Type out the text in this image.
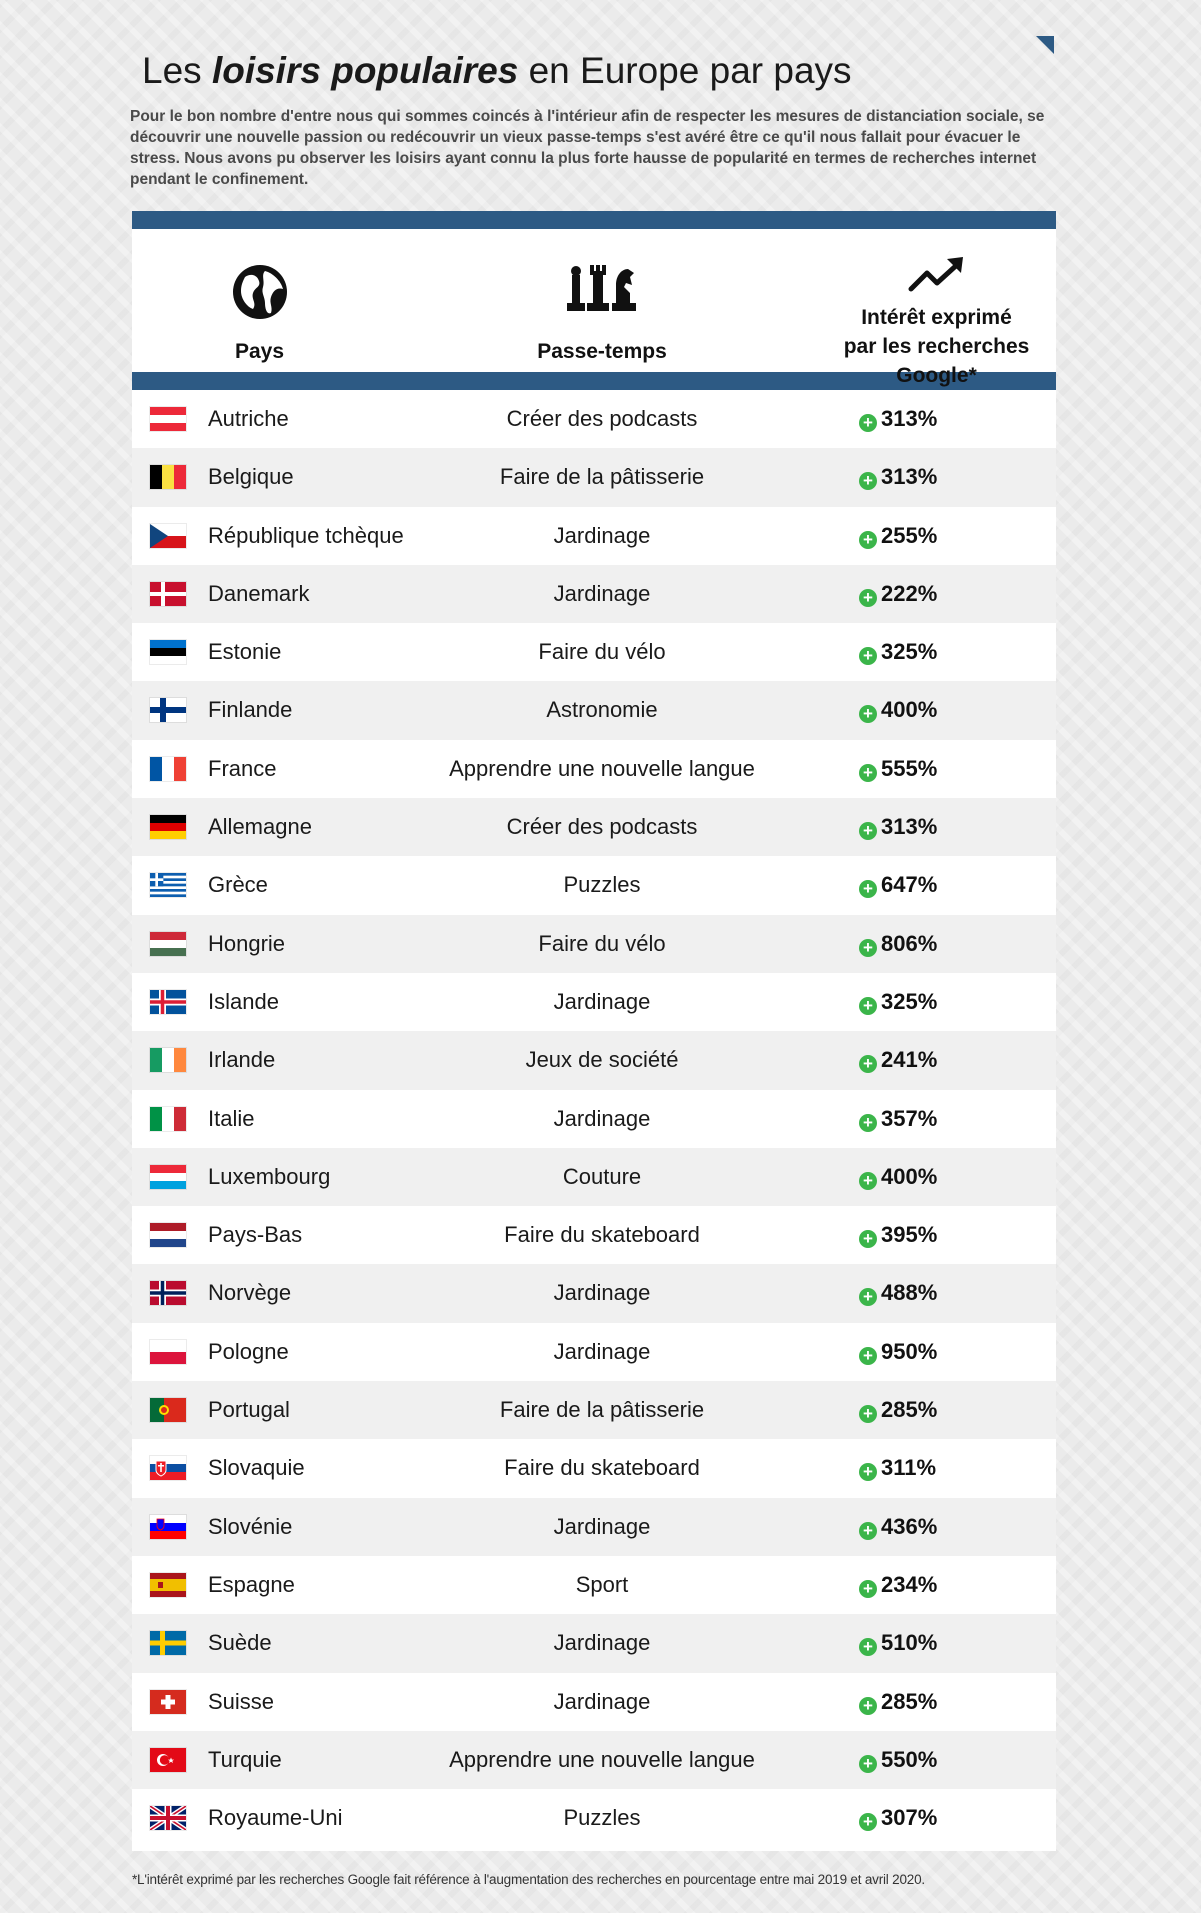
Les loisirs populaires en Europe par pays

Pour le bon nombre d'entre nous qui sommes coincés à l'intérieur afin de respecter les mesures de distanciation sociale, se découvrir une nouvelle passion ou redécouvrir un vieux passe-temps s'est avéré être ce qu'il nous fallait pour évacuer le stress. Nous avons pu observer les loisirs ayant connu la plus forte hausse de popularité en termes de recherches internet pendant le confinement.

Pays	Passe-temps
Intérêt exprimé
par les recherches Google*
Autriche	Créer des podcasts	+ 313%
Belgique	Faire de la pâtisserie	+ 313%
République tchèque	Jardinage	+ 255%
Danemark	Jardinage	+ 222%
Estonie	Faire du vélo	+ 325%
Finlande	Astronomie	+ 400%
France	Apprendre une nouvelle langue	+ 555%
Allemagne	Créer des podcasts	+ 313%
Grèce	Puzzles	+ 647%
Hongrie	Faire du vélo	+ 806%
Islande	Jardinage	+ 325%
Irlande	Jeux de société	+ 241%
Italie	Jardinage	+ 357%
Luxembourg	Couture	+ 400%
Pays-Bas	Faire du skateboard	+ 395%
Norvège	Jardinage	+ 488%
Pologne	Jardinage	+ 950%
Portugal	Faire de la pâtisserie	+ 285%
Slovaquie	Faire du skateboard	+ 311%
Slovénie	Jardinage	+ 436%
Espagne	Sport	+ 234%
Suède	Jardinage	+ 510%
Suisse	Jardinage	+ 285%
Turquie	Apprendre une nouvelle langue	+ 550%
Royaume-Uni	Puzzles	+ 307%

*L'intérêt exprimé par les recherches Google fait référence à l'augmentation des recherches en pourcentage entre mai 2019 et avril 2020.
